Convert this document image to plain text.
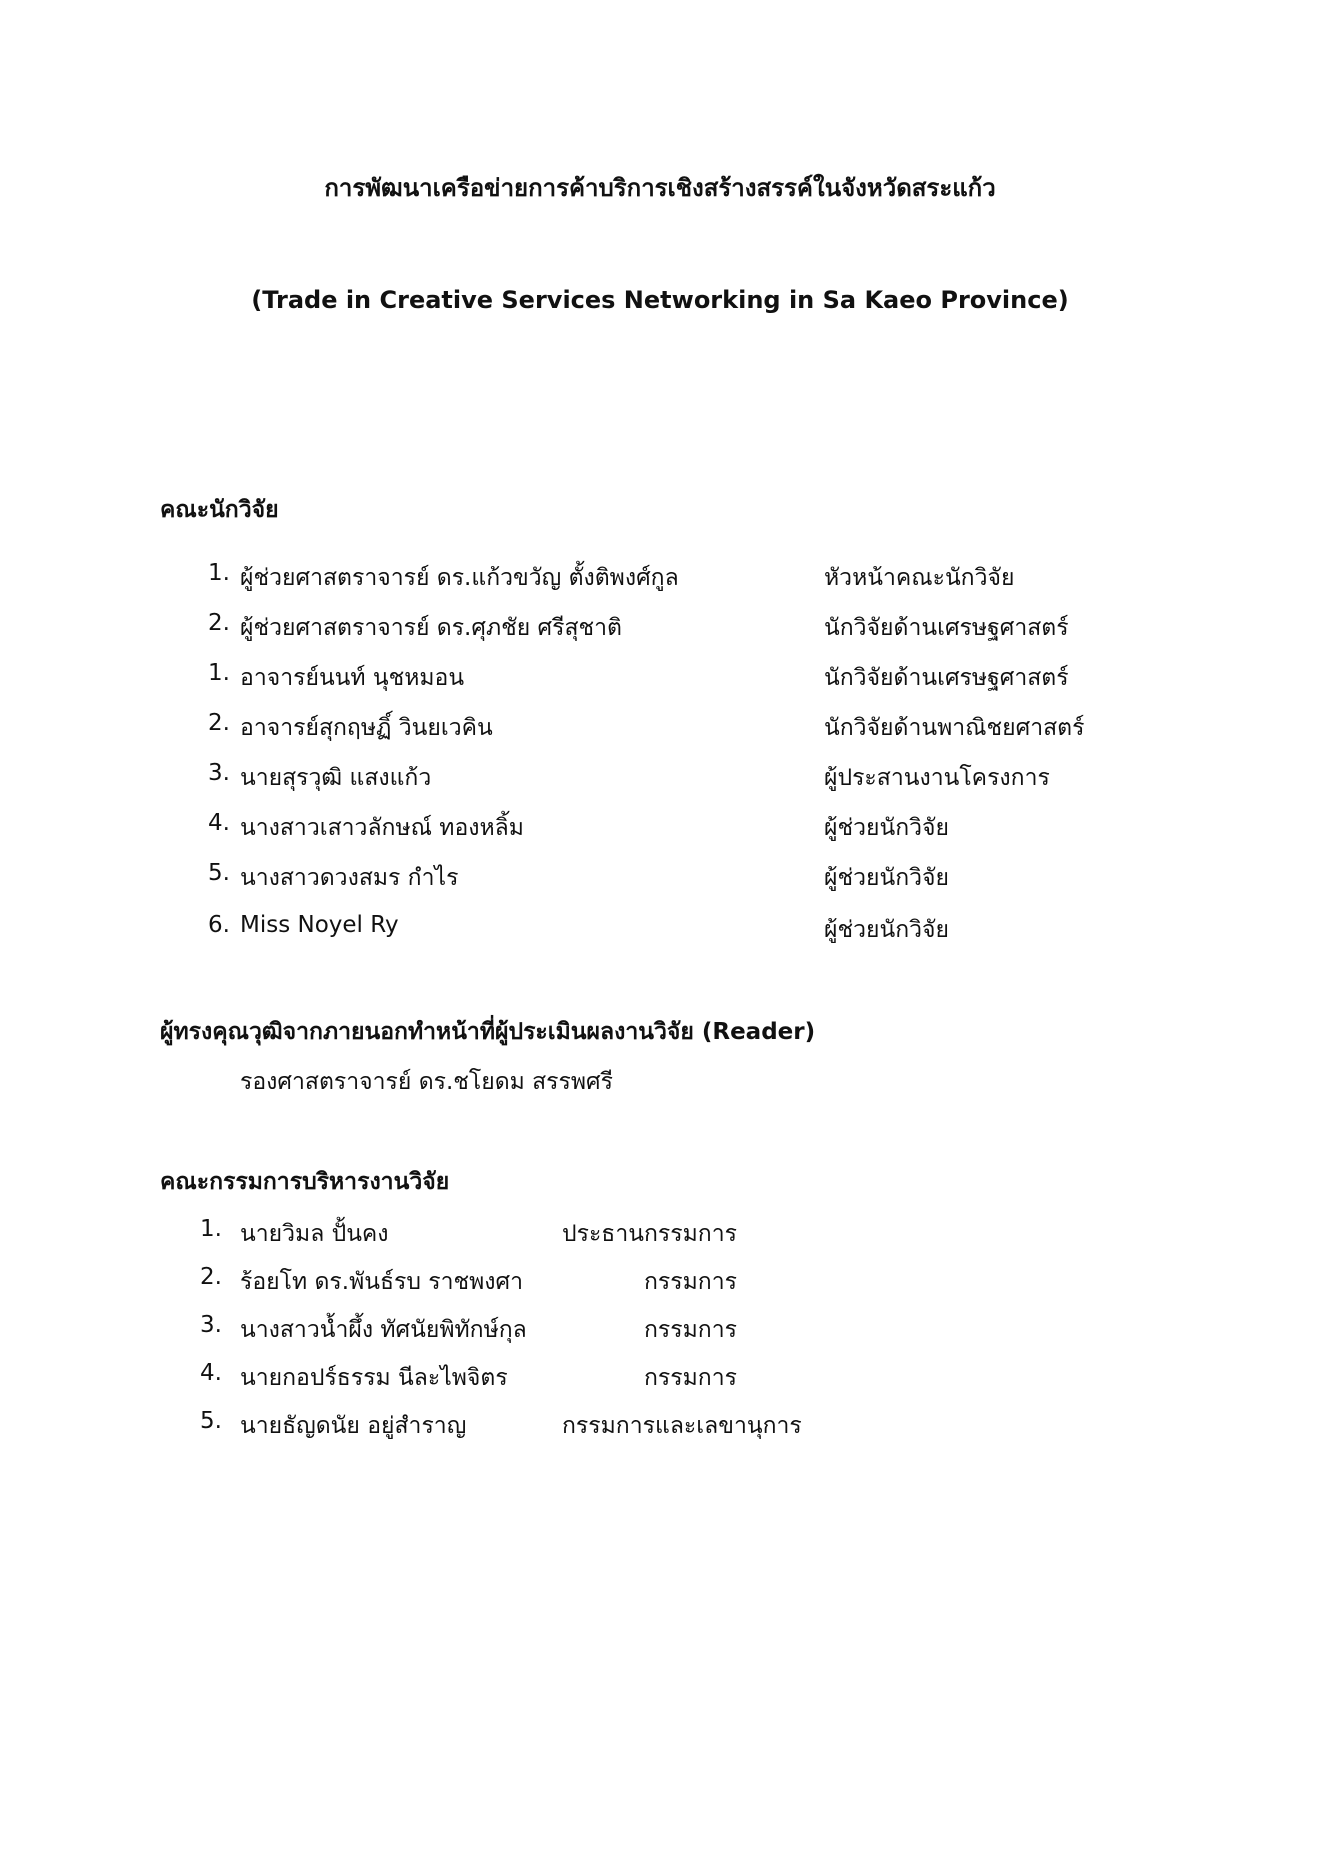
การพัฒนาเครือข่ายการค้าบริการเชิงสร้างสรรค์ในจังหวัดสระแก้ว
(Trade in Creative Services Networking in Sa Kaeo Province)
คณะนักวิจัย
1. ผู้ช่วยศาสตราจารย์ ดร.แก้วขวัญ ตั้งติพงศ์กูล	หัวหน้าคณะนักวิจัย
2. ผู้ช่วยศาสตราจารย์ ดร.ศุภชัย ศรีสุชาติ	นักวิจัยด้านเศรษฐศาสตร์
1. อาจารย์นนท์ นุชหมอน	นักวิจัยด้านเศรษฐศาสตร์
2. อาจารย์สุกฤษฏิ์ วินยเวคิน	นักวิจัยด้านพาณิชยศาสตร์
3. นายสุรวุฒิ แสงแก้ว	ผู้ประสานงานโครงการ
4. นางสาวเสาวลักษณ์ ทองหลิ้ม	ผู้ช่วยนักวิจัย
5. นางสาวดวงสมร กำไร	ผู้ช่วยนักวิจัย
6. Miss Noyel Ry	ผู้ช่วยนักวิจัย
ผู้ทรงคุณวุฒิจากภายนอกทำหน้าที่ผู้ประเมินผลงานวิจัย (Reader)
รองศาสตราจารย์ ดร.ชโยดม สรรพศรี
คณะกรรมการบริหารงานวิจัย
1. นายวิมล ปั้นคง	ประธานกรรมการ
2. ร้อยโท ดร.พันธ์รบ ราชพงศา	กรรมการ
3. นางสาวน้ำผึ้ง ทัศนัยพิทักษ์กุล	กรรมการ
4. นายกอปร์ธรรม นีละไพจิตร	กรรมการ
5. นายธัญดนัย อยู่สำราญ	กรรมการและเลขานุการ
